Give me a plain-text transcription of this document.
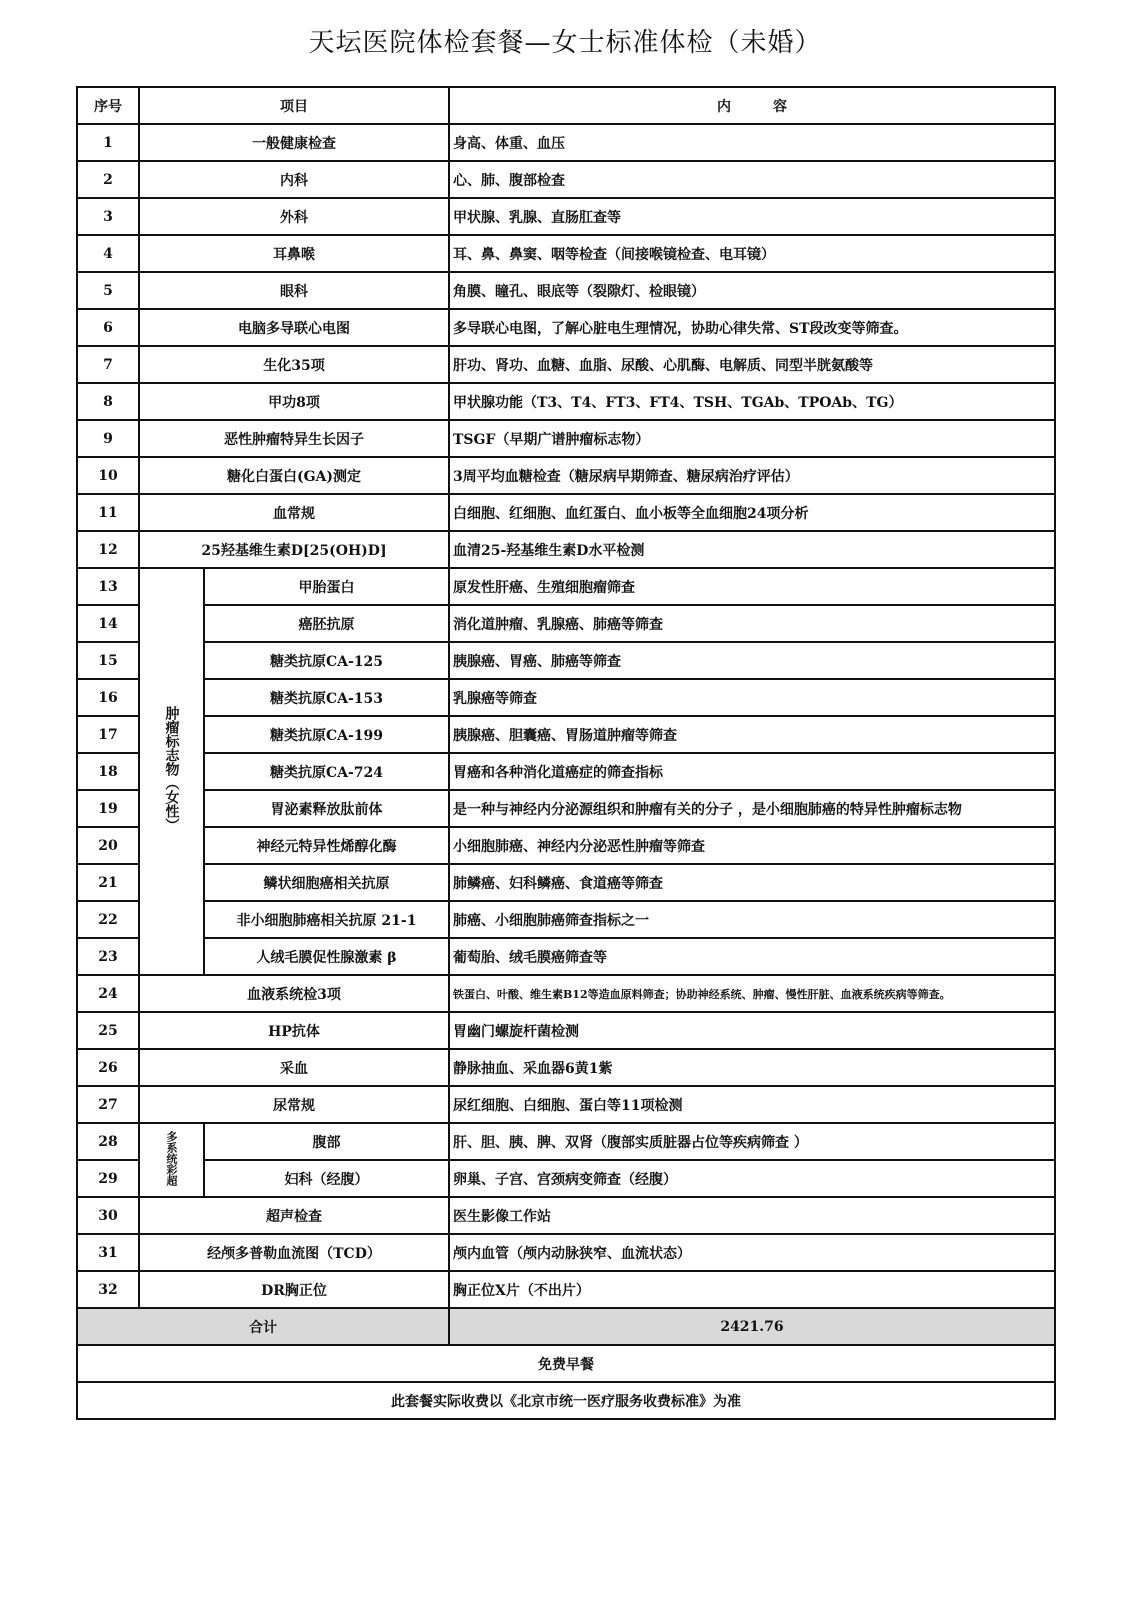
天坛医院体检套餐—女士标准体检（未婚）
序号	项目		内　　　容
1	一般健康检查		身高、体重、血压
2	内科		心、肺、腹部检查
3	外科		甲状腺、乳腺、直肠肛查等
4	耳鼻喉		耳、鼻、鼻窦、咽等检查（间接喉镜检查、电耳镜）
5	眼科		角膜、瞳孔、眼底等（裂隙灯、检眼镜）
6	电脑多导联心电图		多导联心电图，了解心脏电生理情况，协助心律失常、ST段改变等筛查。
7	生化35项		肝功、肾功、血糖、血脂、尿酸、心肌酶、电解质、同型半胱氨酸等
8	甲功8项		甲状腺功能（T3、T4、FT3、FT4、TSH、TGAb、TPOAb、TG）
9	恶性肿瘤特异生长因子		TSGF（早期广谱肿瘤标志物）
10	糖化白蛋白(GA)测定		3周平均血糖检查（糖尿病早期筛查、糖尿病治疗评估）
11	血常规		白细胞、红细胞、血红蛋白、血小板等全血细胞24项分析
12	25羟基维生素D[25(OH)D]		血清25-羟基维生素D水平检测
13	肿瘤标志物（女性）	甲胎蛋白	原发性肝癌、生殖细胞瘤筛查
14		癌胚抗原	消化道肿瘤、乳腺癌、肺癌等筛查
15		糖类抗原CA-125	胰腺癌、胃癌、肺癌等筛查
16		糖类抗原CA-153	乳腺癌等筛查
17		糖类抗原CA-199	胰腺癌、胆囊癌、胃肠道肿瘤等筛查
18		糖类抗原CA-724	胃癌和各种消化道癌症的筛查指标
19		胃泌素释放肽前体	是一种与神经内分泌源组织和肿瘤有关的分子 ，是小细胞肺癌的特异性肿瘤标志物
20		神经元特异性烯醇化酶	小细胞肺癌、神经内分泌恶性肿瘤等筛查
21		鳞状细胞癌相关抗原	肺鳞癌、妇科鳞癌、食道癌等筛查
22		非小细胞肺癌相关抗原 21-1	肺癌、小细胞肺癌筛查指标之一
23		人绒毛膜促性腺激素 β	葡萄胎、绒毛膜癌筛查等
24	血液系统检3项		铁蛋白、叶酸、维生素B12等造血原料筛查；协助神经系统、肿瘤、慢性肝脏、血液系统疾病等筛查。
25	HP抗体		胃幽门螺旋杆菌检测
26	采血		静脉抽血、采血器6黄1紫
27	尿常规		尿红细胞、白细胞、蛋白等11项检测
28	多系统彩超	腹部	肝、胆、胰、脾、双肾（腹部实质脏器占位等疾病筛查 ）
29		妇科（经腹）	卵巢、子宫、宫颈病变筛查（经腹）
30	超声检查		医生影像工作站
31	经颅多普勒血流图（TCD）		颅内血管（颅内动脉狭窄、血流状态）
32	DR胸正位		胸正位X片（不出片）
合计			2421.76
免费早餐			
此套餐实际收费以《北京市统一医疗服务收费标准》为准			
